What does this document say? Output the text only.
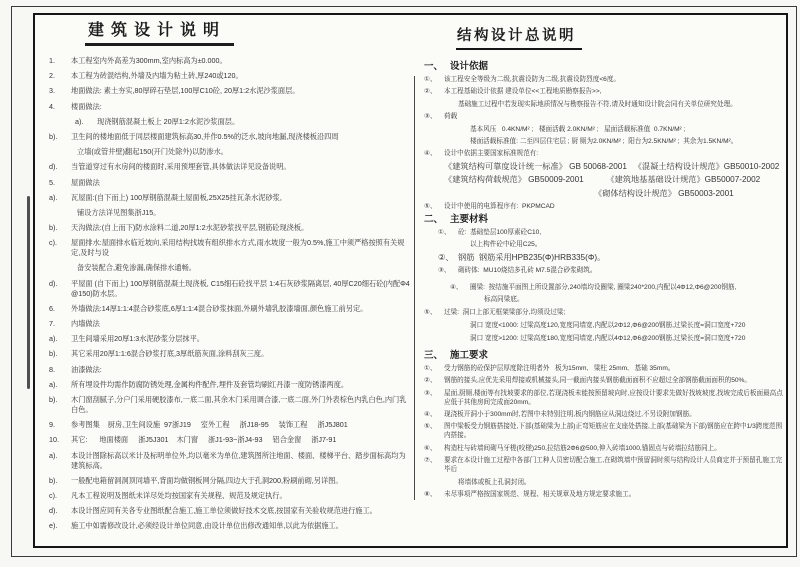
建筑设计说明
1.	本工程室内外高差为300mm,室内标高为±0.000。
2.	本工程为砖混结构,外墙及内墙为粘土砖,厚240或120。
3.	地面做法: 素土夯实,80厚碎石垫层,100厚C10砼, 20厚1:2水泥沙浆面层。
4.	楼面做法:
a).	现浇钢筋混凝土板上 20厚1:2水泥沙浆面层。
b).	卫生间的楼地面低于同层楼面建筑标高30,并作0.5%的泛水,坡向地漏,现浇楼板沿四周
立墙(或管井壁)翻起150(开门处除外)以防渗水。
d).	当管道穿过有水房间的楼面时,采用预埋套管,具体做法详见设备说明。
5.	屋面做法
a).	瓦屋面:(自下而上) 100厚钢筋混凝土屋面板,25X25挂瓦条水泥砂浆,
铺设方法详见图集浙J15。
b).	天沟做法:(自上而下)防水涂料二道,20厚1:2水泥砂浆找平层,钢筋砼现浇板。
c).	屋面排水:屋面排水临近坡向,采用结构找坡有组织排水方式,雨水坡度一般为0.5%,施工中须严格按照有关规定,及时与设
备安装配合,避免渗漏,确保排水通畅。
d).	平屋面 (自下而上) 100厚钢筋混凝土现浇板, C15细石砼找平层 1:4石灰砂浆隔离层, 40厚C20细石砼(内配Φ4@150)防水层。
6.	外墙做法:14厚1:1:4混合砂浆底,6厚1:1:4混合砂浆抹面,外刷外墙乳胶漆墙面,颜色施工前另定。
7.	内墙做法
a).	卫生间墙采用20厚1:3水泥砂浆分层抹平。
b).	其它采用20厚1:1:6混合砂浆打底,3厚纸筋灰面,涂料刮灰三度。
8.	油漆做法:
a).	所有埋设件均需作防腐防锈处理,金属构件配件,埋件及套管均刷红丹漆一度防锈漆两度。
b).	木门窗刮腻子,分户门采用硬胶漆布,一底二面,其余木门采用调合漆,一底二面,外门外表棕色内乳白色,内门乳白色。
9.	参考图集    厨房,卫生间设施  97浙J19     室外工程     浙J18-95     装饰工程     浙J5J801
10.	其它:      地面楼面     浙J5J301    木门窗     浙J1-93~浙J4-93     铝合金窗     浙J7-91
a).	本设计图除标高以米计及标明单位外,均以毫米为单位,建筑图所注地面、楼面、楼梯平台、踏步面标高均为建筑标高。
b).	一般配电箱留洞洞顶同墙平,背面均做钢板网分隔,四边大于孔洞200,粉刷前砌,另详图。
c).	凡本工程说明及图纸未详尽处均按国家有关规程、规范及规定执行。
d).	本设计图应同有关各专业图纸配合施工,施工单位须做好技术交底,按国家有关验收规范进行施工。
e).	施工中如需修改设计,必须经设计单位同意,由设计单位出修改通知单,以此为依据施工。
结构设计总说明
一、 设计依据
①、	该工程安全等级为二级,抗震设防为二级,抗震设防烈度<6度。
②、	本工程基础设计依据 建设单位<<工程地质勘察报告>>,
基础施工过程中若发现实际地质情况与勘察报告不符,请及时通知设计院会同有关单位研究处理。
③、	荷载
基本风压   0.4KN/M² ;   楼面活载 2.0KN/M² ;   屋面活载标准值  0.7KN/M² ;
楼面活载标准值: 二至四层住宅层 ; 厨 厕为2.0KN/M² ;  阳台为2.5KN/M² ;  其余为1.5KN/M²。
④、	设计中依据主要国家标准规范有:
《建筑结构可靠度设计统一标准》 GB 50068-2001   《混凝土结构设计规范》GB50010-2002
《建筑结构荷载规范》 GB50009-2001          《建筑地基基础设计规范》GB50007-2002
《砌体结构设计规范》 GB50003-2001
⑤、	设计中使用的电算程序有:  PKPMCAD
二、 主要材料
①、	砼:  基础垫层100厚素砼C10,
以上构件砼中砼用C25。
②、 钢筋  钢筋采用HPB235(Φ)HRB335(Φ)。
③、	砌砖体:  MU10烧结多孔砖 M7.5混合砂浆砌筑。
④、	圈梁:  按结施平面图上所设置部分,240墙均设圈梁, 圈梁240*200,内配以4Φ12,Φ6@200钢筋,
标高同梁底。
⑤、	过梁:  洞口上部无框架梁部分,均须设过梁;
洞口 宽度<1000: 过梁高度120,宽度同墙宽,内配以2Φ12,Φ6@200钢筋,过梁长度=洞口宽度+720
洞口 宽度>1200: 过梁高度180,宽度同墙宽,内配以4Φ12,Φ6@200钢筋,过梁长度=洞口宽度+720
三、 施工要求
①、	受力钢筋的砼保护层厚度除注明者外   板为15mm,   梁柱 25mm,   基础 35mm。
②、	钢筋的接头,应优先采用焊接或机械接头,同一截面内接头钢筋截面面积不应超过全部钢筋截面面积的50%。
③、	屋面,厨厕,楼面等有找坡要求的部位,若现浇板未能按预留坡向时,应按设计要求先做好找坡坡度,找坡完成后板面最高点应低于其他房间完成面20mm。
④、	现浇板开洞小于300mm时,若图中未特别注明,板内钢筋应从洞边绕过,不另设附加钢筋。
⑤、	图中梁板受力钢筋搭接处,下部(基础梁为上部)正弯矩筋应在支座处搭接,上部(基础梁为下部)钢筋应在跨中1/3跨度范围内搭接。
⑥、	构造柱与砖墙间砌马牙槎(咬槎)250,拉结筋2Φ6@500,伸入砖墙1000,锚固点与砖墙拉结筋同上。
⑦、	要求在本设计施工过程中各部门工种人员密切配合施工,在砌筑墙中预留洞时须与结构设计人员商定并于预留孔施工完毕后
将墙体或板上孔洞封闭。
⑧、	未尽事项严格按国家规范、规程、相关规章及地方规定要求施工。
